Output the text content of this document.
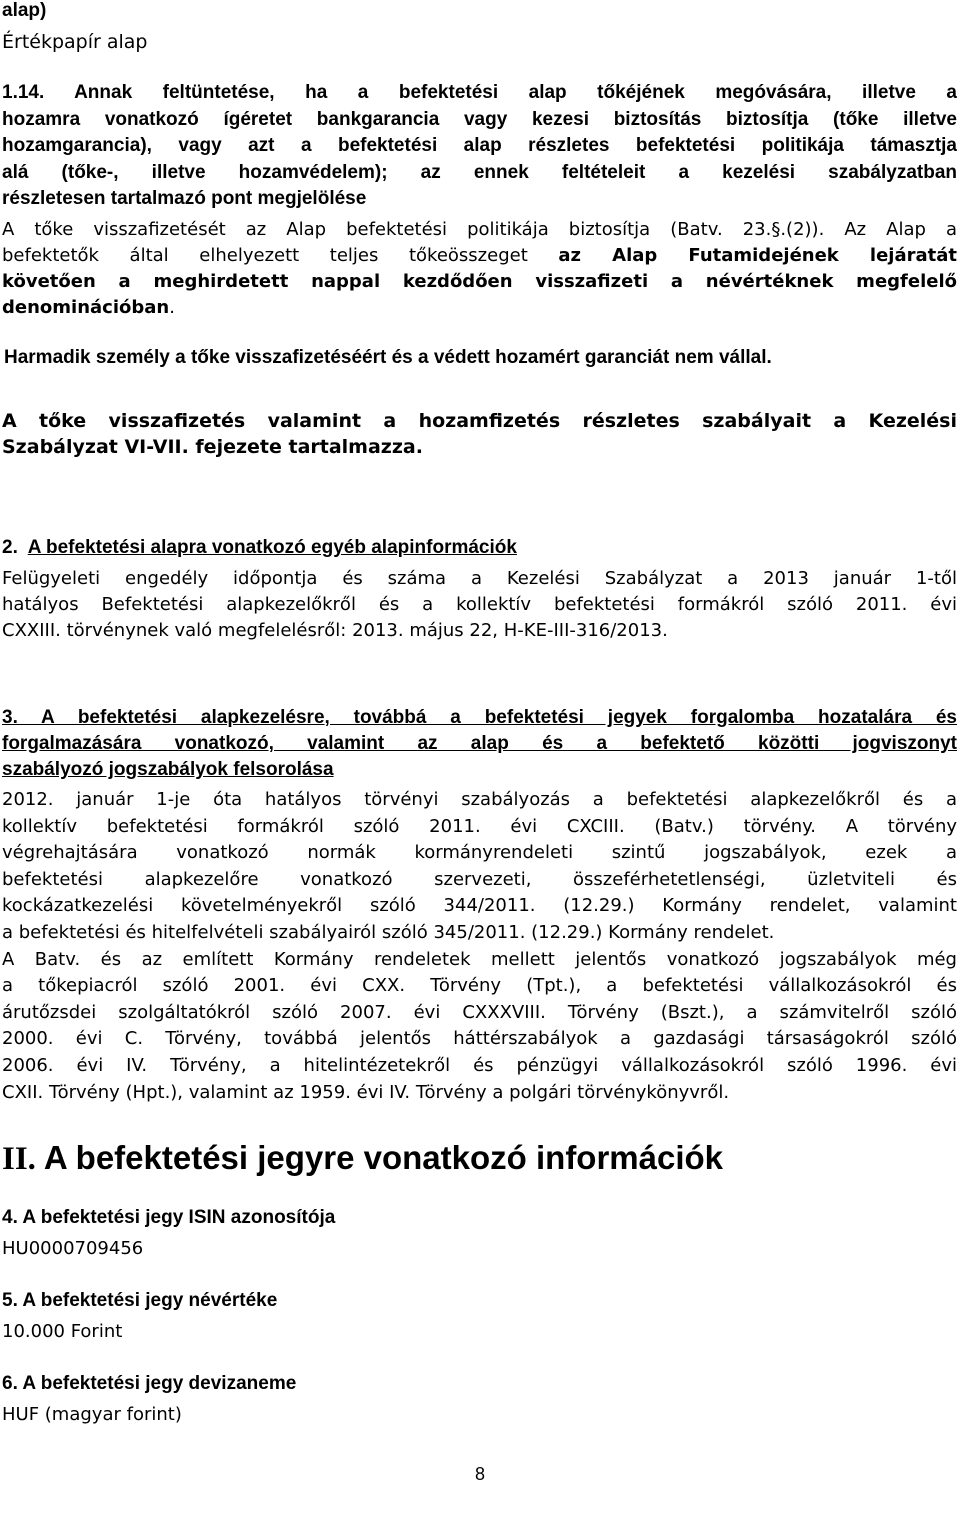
alap)
Értékpapír alap
1.14. Annak feltüntetése, ha a befektetési alap tőkéjének megóvására, illetve a
hozamra vonatkozó ígéretet bankgarancia vagy kezesi biztosítás biztosítja (tőke illetve
hozamgarancia), vagy azt a befektetési alap részletes befektetési politikája támasztja
alá (tőke-, illetve hozamvédelem); az ennek feltételeit a kezelési szabályzatban
részletesen tartalmazó pont megjelölése
A tőke visszafizetését az Alap befektetési politikája biztosítja (Batv. 23.§.(2)). Az Alap a
befektetők által elhelyezett teljes tőkeösszeget az Alap Futamidejének lejáratát
követően a meghirdetett nappal kezdődően visszafizeti a névértéknek megfelelő
denominációban.
Harmadik személy a tőke visszafizetéséért és a védett hozamért garanciát nem vállal.
A tőke visszafizetés valamint a hozamfizetés részletes szabályait a Kezelési
Szabályzat VI-VII. fejezete tartalmazza.
2. A befektetési alapra vonatkozó egyéb alapinformációk
Felügyeleti engedély időpontja és száma a Kezelési Szabályzat a 2013 január 1-től
hatályos Befektetési alapkezelőkről és a kollektív befektetési formákról szóló 2011. évi
CXXIII. törvénynek való megfelelésről: 2013. május 22, H-KE-III-316/2013.
3. A befektetési alapkezelésre, továbbá a befektetési jegyek forgalomba hozatalára és
forgalmazására vonatkozó, valamint az alap és a befektető közötti jogviszonyt
szabályozó jogszabályok felsorolása
2012. január 1-je óta hatályos törvényi szabályozás a befektetési alapkezelőkről és a
kollektív befektetési formákról szóló 2011. évi CXCIII. (Batv.) törvény. A törvény
végrehajtására vonatkozó normák kormányrendeleti szintű jogszabályok, ezek a
befektetési alapkezelőre vonatkozó szervezeti, összeférhetetlenségi, üzletviteli és
kockázatkezelési követelményekről szóló 344/2011. (12.29.) Kormány rendelet, valamint
a befektetési és hitelfelvételi szabályairól szóló 345/2011. (12.29.) Kormány rendelet.
A Batv. és az említett Kormány rendeletek mellett jelentős vonatkozó jogszabályok még
a tőkepiacról szóló 2001. évi CXX. Törvény (Tpt.), a befektetési vállalkozásokról és
árutőzsdei szolgáltatókról szóló 2007. évi CXXXVIII. Törvény (Bszt.), a számvitelről szóló
2000. évi C. Törvény, továbbá jelentős háttérszabályok a gazdasági társaságokról szóló
2006. évi IV. Törvény, a hitelintézetekről és pénzügyi vállalkozásokról szóló 1996. évi
CXII. Törvény (Hpt.), valamint az 1959. évi IV. Törvény a polgári törvénykönyvről.
II. A befektetési jegyre vonatkozó információk
4. A befektetési jegy ISIN azonosítója
HU0000709456
5. A befektetési jegy névértéke
10.000 Forint
6. A befektetési jegy devizaneme
HUF (magyar forint)
8
